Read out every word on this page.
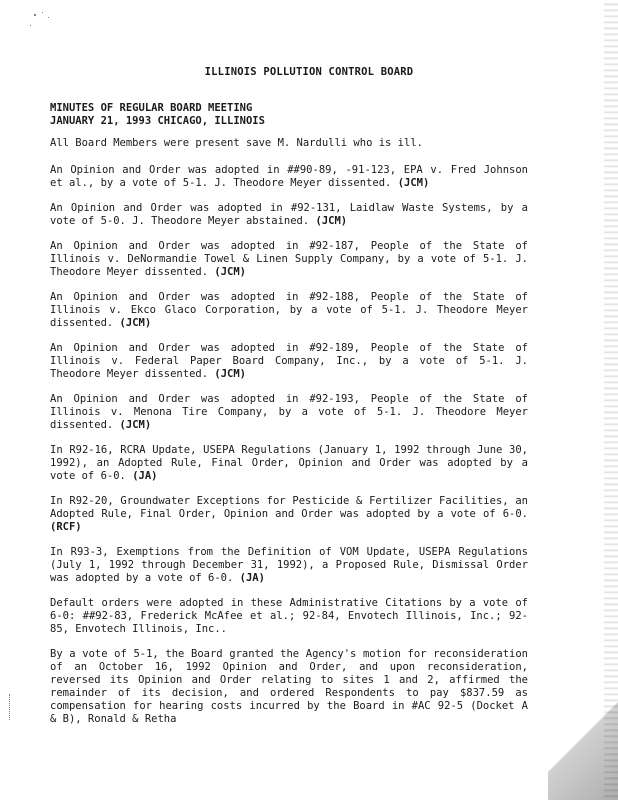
ILLINOIS POLLUTION CONTROL BOARD
MINUTES OF REGULAR BOARD MEETING
JANUARY 21, 1993 CHICAGO, ILLINOIS

All Board Members were present save M. Nardulli who is ill.

An Opinion and Order was adopted in ##90-89, -91-123, EPA v. Fred Johnson et al., by a vote of 5-1. J. Theodore Meyer dissented. (JCM)

An Opinion and Order was adopted in #92-131, Laidlaw Waste Systems, by a vote of 5-0. J. Theodore Meyer abstained. (JCM)

An Opinion and Order was adopted in #92-187, People of the State of Illinois v. DeNormandie Towel & Linen Supply Company, by a vote of 5-1. J. Theodore Meyer dissented. (JCM)

An Opinion and Order was adopted in #92-188, People of the State of Illinois v. Ekco Glaco Corporation, by a vote of 5-1. J. Theodore Meyer dissented. (JCM)

An Opinion and Order was adopted in #92-189, People of the State of Illinois v. Federal Paper Board Company, Inc., by a vote of 5-1. J. Theodore Meyer dissented. (JCM)

An Opinion and Order was adopted in #92-193, People of the State of Illinois v. Menona Tire Company, by a vote of 5-1. J. Theodore Meyer dissented. (JCM)

In R92-16, RCRA Update, USEPA Regulations (January 1, 1992 through June 30, 1992), an Adopted Rule, Final Order, Opinion and Order was adopted by a vote of 6-0. (JA)

In R92-20, Groundwater Exceptions for Pesticide & Fertilizer Facilities, an Adopted Rule, Final Order, Opinion and Order was adopted by a vote of 6-0. (RCF)

In R93-3, Exemptions from the Definition of VOM Update, USEPA Regulations (July 1, 1992 through December 31, 1992), a Proposed Rule, Dismissal Order was adopted by a vote of 6-0. (JA)

Default orders were adopted in these Administrative Citations by a vote of 6-0: ##92-83, Frederick McAfee et al.; 92-84, Envotech Illinois, Inc.; 92-85, Envotech Illinois, Inc..

By a vote of 5-1, the Board granted the Agency's motion for reconsideration of an October 16, 1992 Opinion and Order, and upon reconsideration, reversed its Opinion and Order relating to sites 1 and 2, affirmed the remainder of its decision, and ordered Respondents to pay $837.59 as compensation for hearing costs incurred by the Board in #AC 92-5 (Docket A & B), Ronald & Retha
